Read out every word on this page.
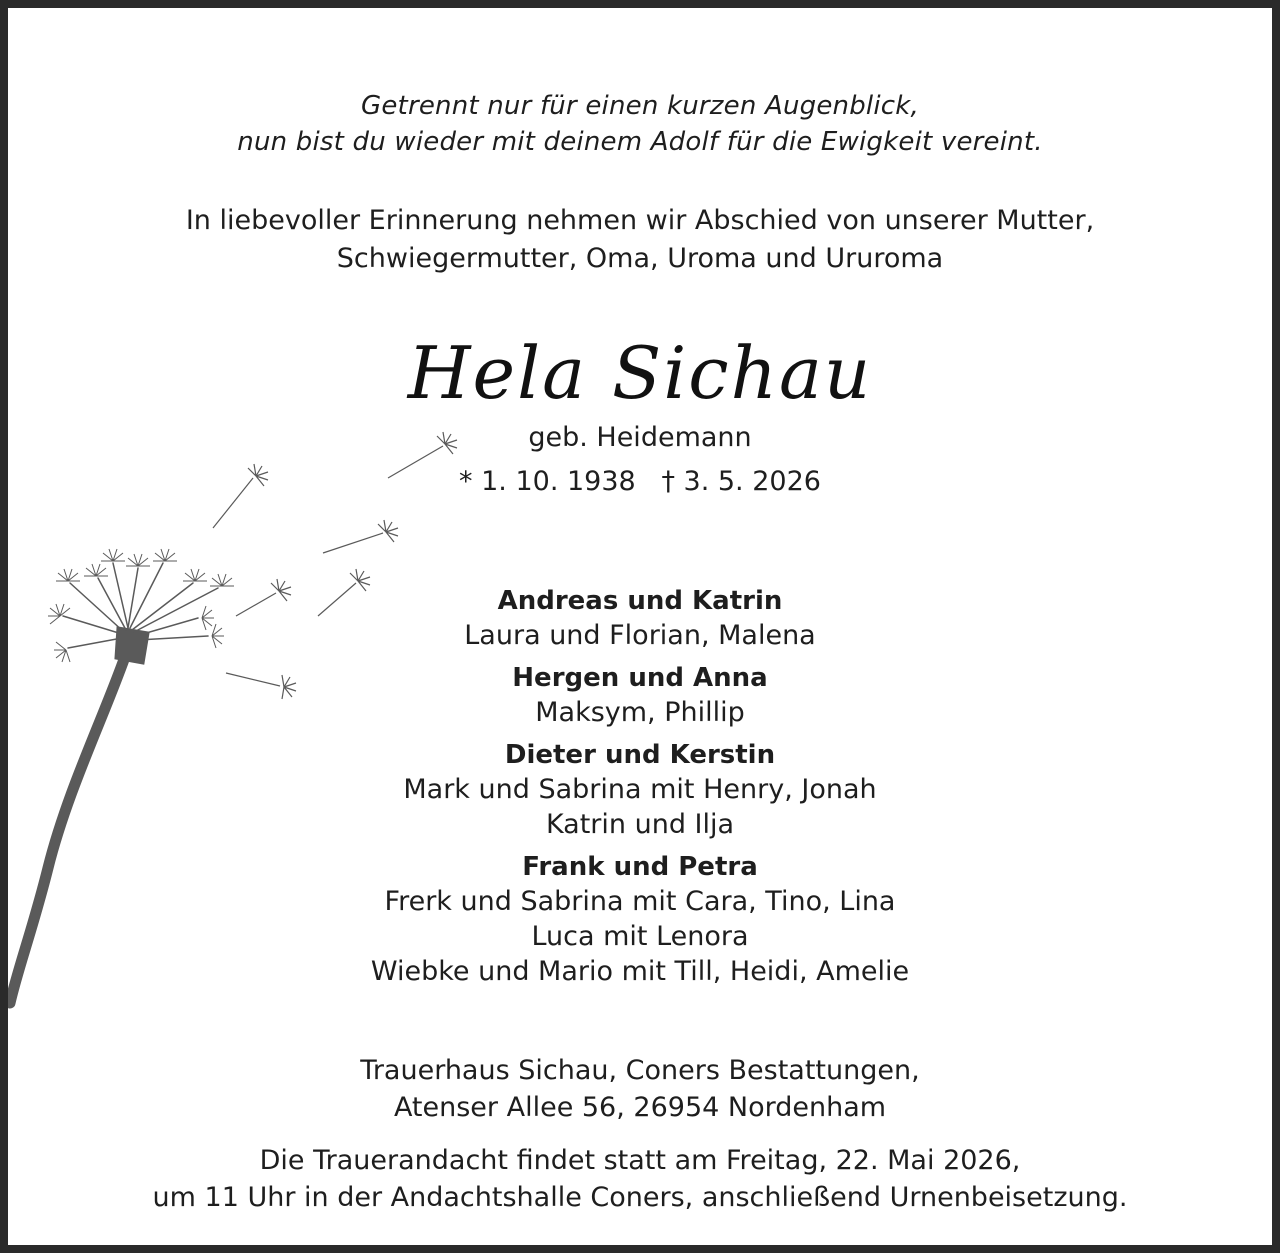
Getrennt nur für einen kurzen Augenblick,
nun bist du wieder mit deinem Adolf für die Ewigkeit vereint.
In liebevoller Erinnerung nehmen wir Abschied von unserer Mutter,
Schwiegermutter, Oma, Uroma und Ururoma
Hela Sichau
geb. Heidemann
* 1. 10. 1938   † 3. 5. 2026
Andreas und Katrin
Laura und Florian, Malena
Hergen und Anna
Maksym, Phillip
Dieter und Kerstin
Mark und Sabrina mit Henry, Jonah
Katrin und Ilja
Frank und Petra
Frerk und Sabrina mit Cara, Tino, Lina
Luca mit Lenora
Wiebke und Mario mit Till, Heidi, Amelie
Trauerhaus Sichau, Coners Bestattungen,
Atenser Allee 56, 26954 Nordenham
Die Trauerandacht findet statt am Freitag, 22. Mai 2026,
um 11 Uhr in der Andachtshalle Coners, anschließend Urnenbeisetzung.
